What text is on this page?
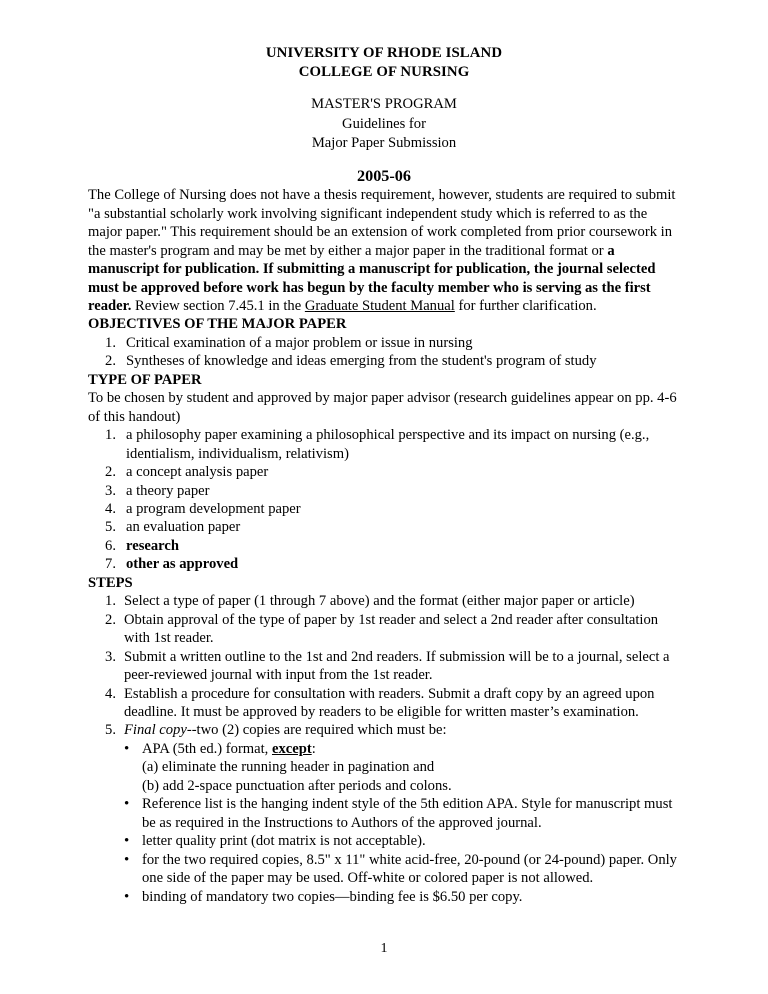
UNIVERSITY OF RHODE ISLAND
COLLEGE OF NURSING
MASTER'S PROGRAM
Guidelines for
Major Paper Submission
2005-06

The College of Nursing does not have a thesis requirement, however, students are required to submit "a substantial scholarly work involving significant independent study which is referred to as the major paper." This requirement should be an extension of work completed from prior coursework in the master's program and may be met by either a major paper in the traditional format or a manuscript for publication. If submitting a manuscript for publication, the journal selected must be approved before work has begun by the faculty member who is serving as the first reader. Review section 7.45.1 in the Graduate Student Manual for further clarification.

OBJECTIVES OF THE MAJOR PAPER
1. Critical examination of a major problem or issue in nursing
2. Syntheses of knowledge and ideas emerging from the student's program of study
TYPE OF PAPER

To be chosen by student and approved by major paper advisor (research guidelines appear on pp. 4-6 of this handout)

1. a philosophy paper examining a philosophical perspective and its impact on nursing (e.g., identialism, individualism, relativism)
2. a concept analysis paper
3. a theory paper
4. a program development paper
5. an evaluation paper
6. research
7. other as approved
STEPS
1. Select a type of paper (1 through 7 above) and the format (either major paper or article)
2. Obtain approval of the type of paper by 1st reader and select a 2nd reader after consultation with 1st reader.
3. Submit a written outline to the 1st and 2nd readers. If submission will be to a journal, select a peer-reviewed journal with input from the 1st reader.
4. Establish a procedure for consultation with readers. Submit a draft copy by an agreed upon deadline. It must be approved by readers to be eligible for written master’s examination.
5. Final copy--two (2) copies are required which must be:
• APA (5th ed.) format, except:
(a) eliminate the running header in pagination and
(b) add 2-space punctuation after periods and colons.
• Reference list is the hanging indent style of the 5th edition APA. Style for manuscript must be as required in the Instructions to Authors of the approved journal.
• letter quality print (dot matrix is not acceptable).
• for the two required copies, 8.5" x 11" white acid-free, 20-pound (or 24-pound) paper. Only one side of the paper may be used. Off-white or colored paper is not allowed.
• binding of mandatory two copies—binding fee is $6.50 per copy.
1
